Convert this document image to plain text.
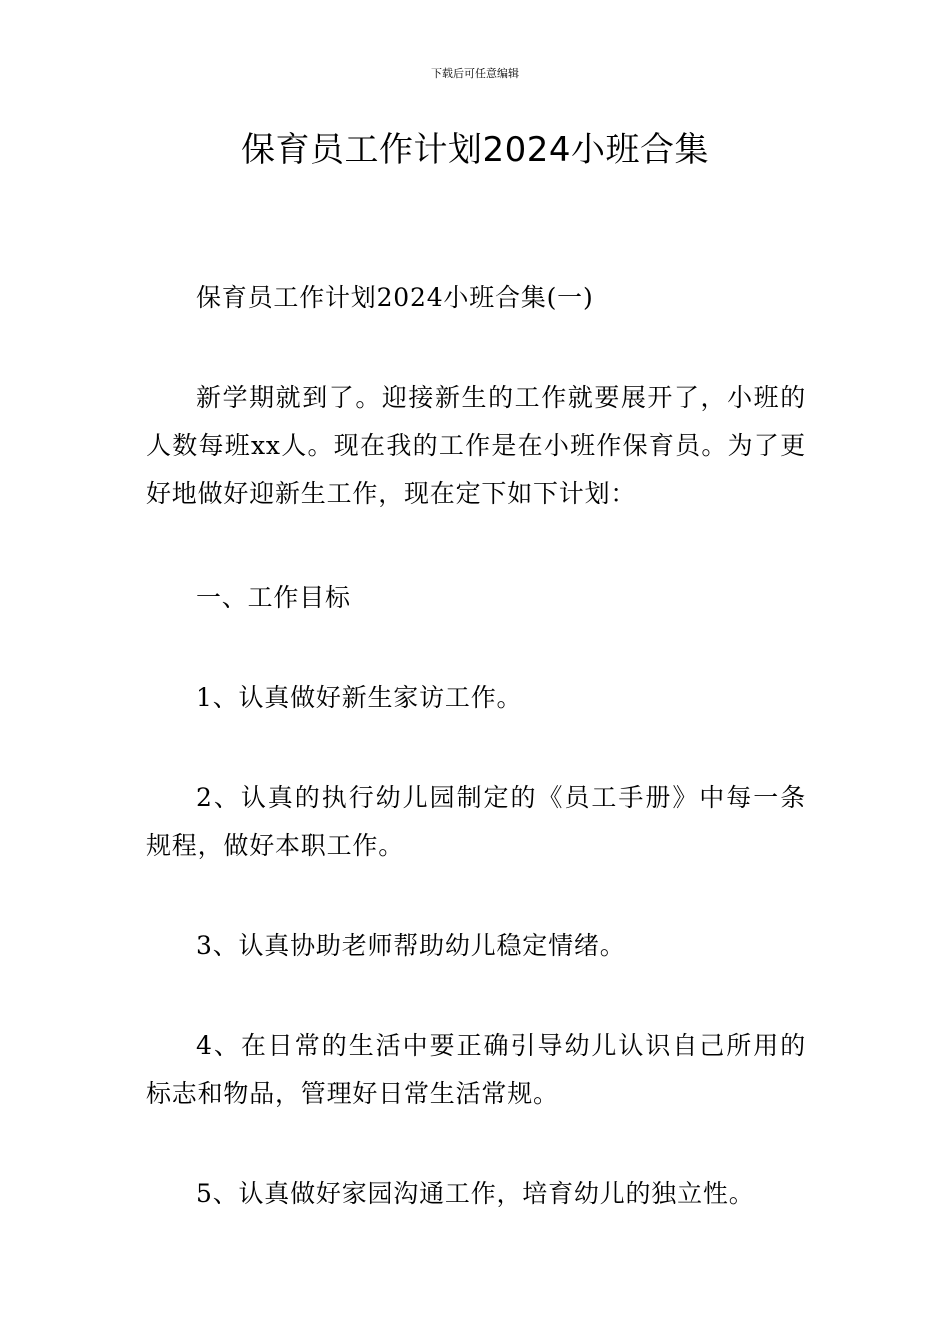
下载后可任意编辑
保育员工作计划2024小班合集

保育员工作计划2024小班合集(一)

新学期就到了。迎接新生的工作就要展开了，小班的人数每班xx人。现在我的工作是在小班作保育员。为了更好地做好迎新生工作，现在定下如下计划：

一、工作目标

1、认真做好新生家访工作。

2、认真的执行幼儿园制定的《员工手册》中每一条规程，做好本职工作。

3、认真协助老师帮助幼儿稳定情绪。

4、在日常的生活中要正确引导幼儿认识自己所用的标志和物品，管理好日常生活常规。

5、认真做好家园沟通工作，培育幼儿的独立性。
